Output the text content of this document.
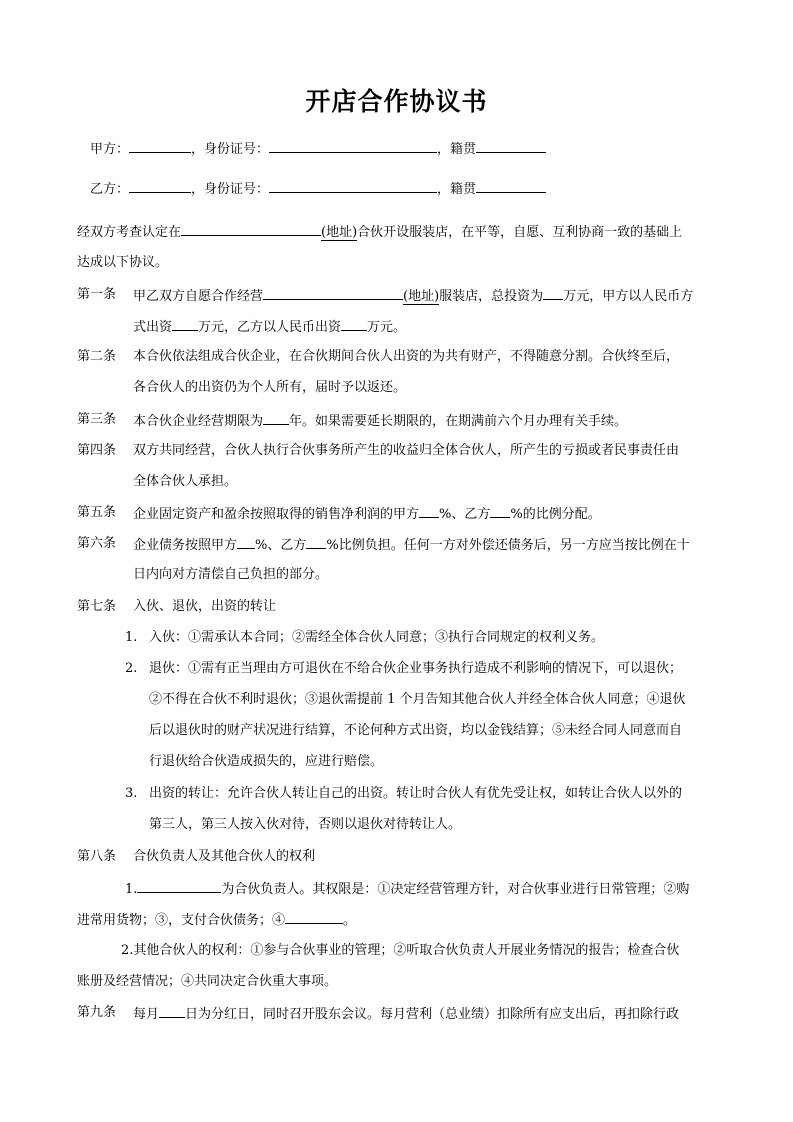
开店合作协议书
甲方：	，身份证号：	，籍贯
乙方：	，身份证号：	，籍贯
经双方考查认定在	(地址)合伙开设服装店，在平等，自愿、互利协商一致的基础上
达成以下协议。
第一条 甲乙双方自愿合作经营	(地址)服装店，总投资为 万元，甲方以人民币方
式出资 万元，乙方以人民币出资 万元。
第二条 本合伙依法组成合伙企业，在合伙期间合伙人出资的为共有财产，不得随意分割。合伙终至后，
各合伙人的出资仍为个人所有，届时予以返还。
第三条 本合伙企业经营期限为 年。如果需要延长期限的，在期满前六个月办理有关手续。
第四条 双方共同经营，合伙人执行合伙事务所产生的收益归全体合伙人，所产生的亏损或者民事责任由
全体合伙人承担。
第五条 企业固定资产和盈余按照取得的销售净利润的甲方 %、乙方 %的比例分配。
第六条 企业债务按照甲方 %、乙方 %比例负担。任何一方对外偿还债务后，另一方应当按比例在十
日内向对方清偿自己负担的部分。
第七条 入伙、退伙，出资的转让
1. 入伙：①需承认本合同；②需经全体合伙人同意；③执行合同规定的权利义务。
2. 退伙：①需有正当理由方可退伙在不给合伙企业事务执行造成不利影响的情况下，可以退伙；
②不得在合伙不利时退伙；③退伙需提前 1 个月告知其他合伙人并经全体合伙人同意；④退伙
后以退伙时的财产状况进行结算，不论何种方式出资，均以金钱结算；⑤未经合同人同意而自
行退伙给合伙造成损失的，应进行赔偿。
3. 出资的转让：允许合伙人转让自己的出资。转让时合伙人有优先受让权，如转让合伙人以外的
第三人，第三人按入伙对待，否则以退伙对待转让人。
第八条 合伙负责人及其他合伙人的权利
1.	为合伙负责人。其权限是：①决定经营管理方针，对合伙事业进行日常管理；②购
进常用货物；③，支付合伙债务；④	。
2.其他合伙人的权利：①参与合伙事业的管理；②听取合伙负责人开展业务情况的报告；检查合伙
账册及经营情况；④共同决定合伙重大事项。
第九条 每月 日为分红日，同时召开股东会议。每月营利（总业绩）扣除所有应支出后，再扣除行政
